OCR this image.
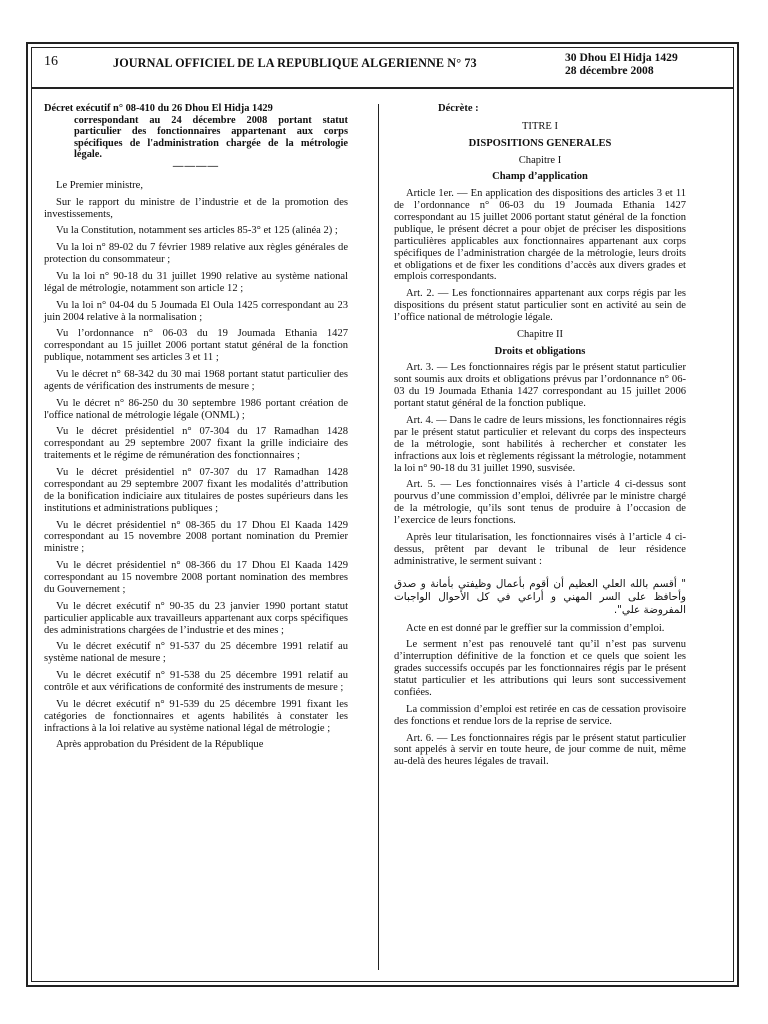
16	JOURNAL OFFICIEL DE LA REPUBLIQUE ALGERIENNE N° 73	30 Dhou El Hidja 1429
28 décembre 2008
Décret exécutif n° 08-410 du 26 Dhou El Hidja 1429
correspondant au 24 décembre 2008 portant statut particulier des fonctionnaires appartenant aux corps spécifiques de l'administration chargée de la métrologie légale.
————

Le Premier ministre,

Sur le rapport du ministre de l’industrie et de la promotion des investissements,

Vu la Constitution, notamment ses articles 85-3° et 125 (alinéa 2) ;

Vu la loi n° 89-02 du 7 février 1989 relative aux règles générales de protection du consommateur ;

Vu la loi n° 90-18 du 31 juillet 1990 relative au système national légal de métrologie, notamment son article 12 ;

Vu la loi n° 04-04 du 5 Joumada El Oula 1425 correspondant au 23 juin 2004 relative à la normalisation ;

Vu l’ordonnance n° 06-03 du 19 Joumada Ethania 1427 correspondant au 15 juillet 2006 portant statut général de la fonction publique, notamment ses articles 3 et 11 ;

Vu le décret n° 68-342 du 30 mai 1968 portant statut particulier des agents de vérification des instruments de mesure ;

Vu le décret n° 86-250 du 30 septembre 1986 portant création de l'office national de métrologie légale (ONML) ;

Vu le décret présidentiel n° 07-304 du 17 Ramadhan 1428 correspondant au 29 septembre 2007 fixant la grille indiciaire des traitements et le régime de rémunération des fonctionnaires ;

Vu le décret présidentiel n° 07-307 du 17 Ramadhan 1428 correspondant au 29 septembre 2007 fixant les modalités d’attribution de la bonification indiciaire aux titulaires de postes supérieurs dans les institutions et administrations publiques ;

Vu le décret présidentiel n° 08-365 du 17 Dhou El Kaada 1429 correspondant au 15 novembre 2008 portant nomination du Premier ministre ;

Vu le décret présidentiel n° 08-366 du 17 Dhou El Kaada 1429 correspondant au 15 novembre 2008 portant nomination des membres du Gouvernement ;

Vu le décret exécutif n° 90-35 du 23 janvier 1990 portant statut particulier applicable aux travailleurs appartenant aux corps spécifiques des administrations chargées de l’industrie et des mines ;

Vu le décret exécutif n° 91-537 du 25 décembre 1991 relatif au système national de mesure ;

Vu le décret exécutif n° 91-538 du 25 décembre 1991 relatif au contrôle et aux vérifications de conformité des instruments de mesure ;

Vu le décret exécutif n° 91-539 du 25 décembre 1991 fixant les catégories de fonctionnaires et agents habilités à constater les infractions à la loi relative au système national légal de métrologie ;

Après approbation du Président de la République

Décrète :

TITRE I

DISPOSITIONS GENERALES

Chapitre I

Champ d’application

Article 1er. — En application des dispositions des articles 3 et 11 de l’ordonnance n° 06-03 du 19 Joumada Ethania 1427 correspondant au 15 juillet 2006 portant statut général de la fonction publique, le présent décret a pour objet de préciser les dispositions particulières applicables aux fonctionnaires appartenant aux corps spécifiques de l’administration chargée de la métrologie, leurs droits et obligations et de fixer les conditions d’accès aux divers grades et emplois correspondants.

Art. 2. — Les fonctionnaires appartenant aux corps régis par les dispositions du présent statut particulier sont en activité au sein de l’office national de métrologie légale.

Chapitre II

Droits et obligations

Art. 3. — Les fonctionnaires régis par le présent statut particulier sont soumis aux droits et obligations prévus par l’ordonnance n° 06-03 du 19 Joumada Ethania 1427 correspondant au 15 juillet 2006 portant statut général de la fonction publique.

Art. 4. — Dans le cadre de leurs missions, les fonctionnaires régis par le présent statut particulier et relevant du corps des inspecteurs de la métrologie, sont habilités à rechercher et constater les infractions aux lois et règlements régissant la métrologie, notamment la loi n° 90-18 du 31 juillet 1990, susvisée.

Art. 5. — Les fonctionnaires visés à l’article 4 ci-dessus sont pourvus d’une commission d’emploi, délivrée par le ministre chargé de la métrologie, qu’ils sont tenus de produire à l’occasion de l’exercice de leurs fonctions.

Après leur titularisation, les fonctionnaires visés à l’article 4 ci-dessus, prêtent par devant le tribunal de leur résidence administrative, le serment suivant :

" أقسم بالله العلي العظيم أن أقوم بأعمال وظيفتي بأمانة و صدق وأحافظ على السر المهني و أراعي في كل الأحوال الواجبات المفروضة علي".

Acte en est donné par le greffier sur la commission d’emploi.

Le serment n’est pas renouvelé tant qu’il n’est pas survenu d’interruption définitive de la fonction et ce quels que soient les grades successifs occupés par les fonctionnaires régis par le présent statut particulier et les attributions qui leurs sont successivement confiées.

La commission d’emploi est retirée en cas de cessation provisoire des fonctions et rendue lors de la reprise de service.

Art. 6. — Les fonctionnaires régis par le présent statut particulier sont appelés à servir en toute heure, de jour comme de nuit, même au-delà des heures légales de travail.
